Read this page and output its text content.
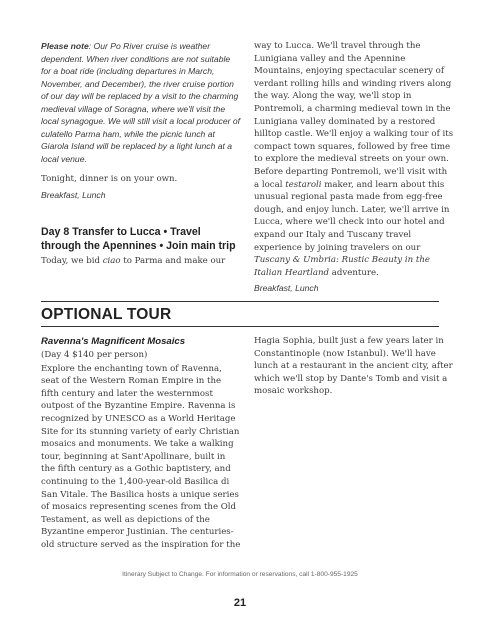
Please note: Our Po River cruise is weather dependent. When river conditions are not suitable for a boat ride (including departures in March, November, and December), the river cruise portion of our day will be replaced by a visit to the charming medieval village of Soragna, where we'll visit the local synagogue. We will still visit a local producer of culatello Parma ham, while the picnic lunch at Giarola Island will be replaced by a light lunch at a local venue.

Tonight, dinner is on your own.

Breakfast, Lunch

Day 8 Transfer to Lucca • Travel through the Apennines • Join main trip

Today, we bid ciao to Parma and make our

way to Lucca. We'll travel through the Lunigiana valley and the Apennine Mountains, enjoying spectacular scenery of verdant rolling hills and winding rivers along the way. Along the way, we'll stop in Pontremoli, a charming medieval town in the Lunigiana valley dominated by a restored hilltop castle. We'll enjoy a walking tour of its compact town squares, followed by free time to explore the medieval streets on your own. Before departing Pontremoli, we'll visit with a local testaroli maker, and learn about this unusual regional pasta made from egg-free dough, and enjoy lunch. Later, we'll arrive in Lucca, where we'll check into our hotel and expand our Italy and Tuscany travel experience by joining travelers on our Tuscany & Umbria: Rustic Beauty in the Italian Heartland adventure.

Breakfast, Lunch

OPTIONAL TOUR

Ravenna's Magnificent Mosaics

(Day 4 $140 per person)

Explore the enchanting town of Ravenna, seat of the Western Roman Empire in the fifth century and later the westernmost outpost of the Byzantine Empire. Ravenna is recognized by UNESCO as a World Heritage Site for its stunning variety of early Christian mosaics and monuments. We take a walking tour, beginning at Sant'Apollinare, built in the fifth century as a Gothic baptistery, and continuing to the 1,400-year-old Basilica di San Vitale. The Basilica hosts a unique series of mosaics representing scenes from the Old Testament, as well as depictions of the Byzantine emperor Justinian. The centuries-old structure served as the inspiration for the

Hagia Sophia, built just a few years later in Constantinople (now Istanbul). We'll have lunch at a restaurant in the ancient city, after which we'll stop by Dante's Tomb and visit a mosaic workshop.

Itinerary Subject to Change. For information or reservations, call 1-800-955-1925

21
